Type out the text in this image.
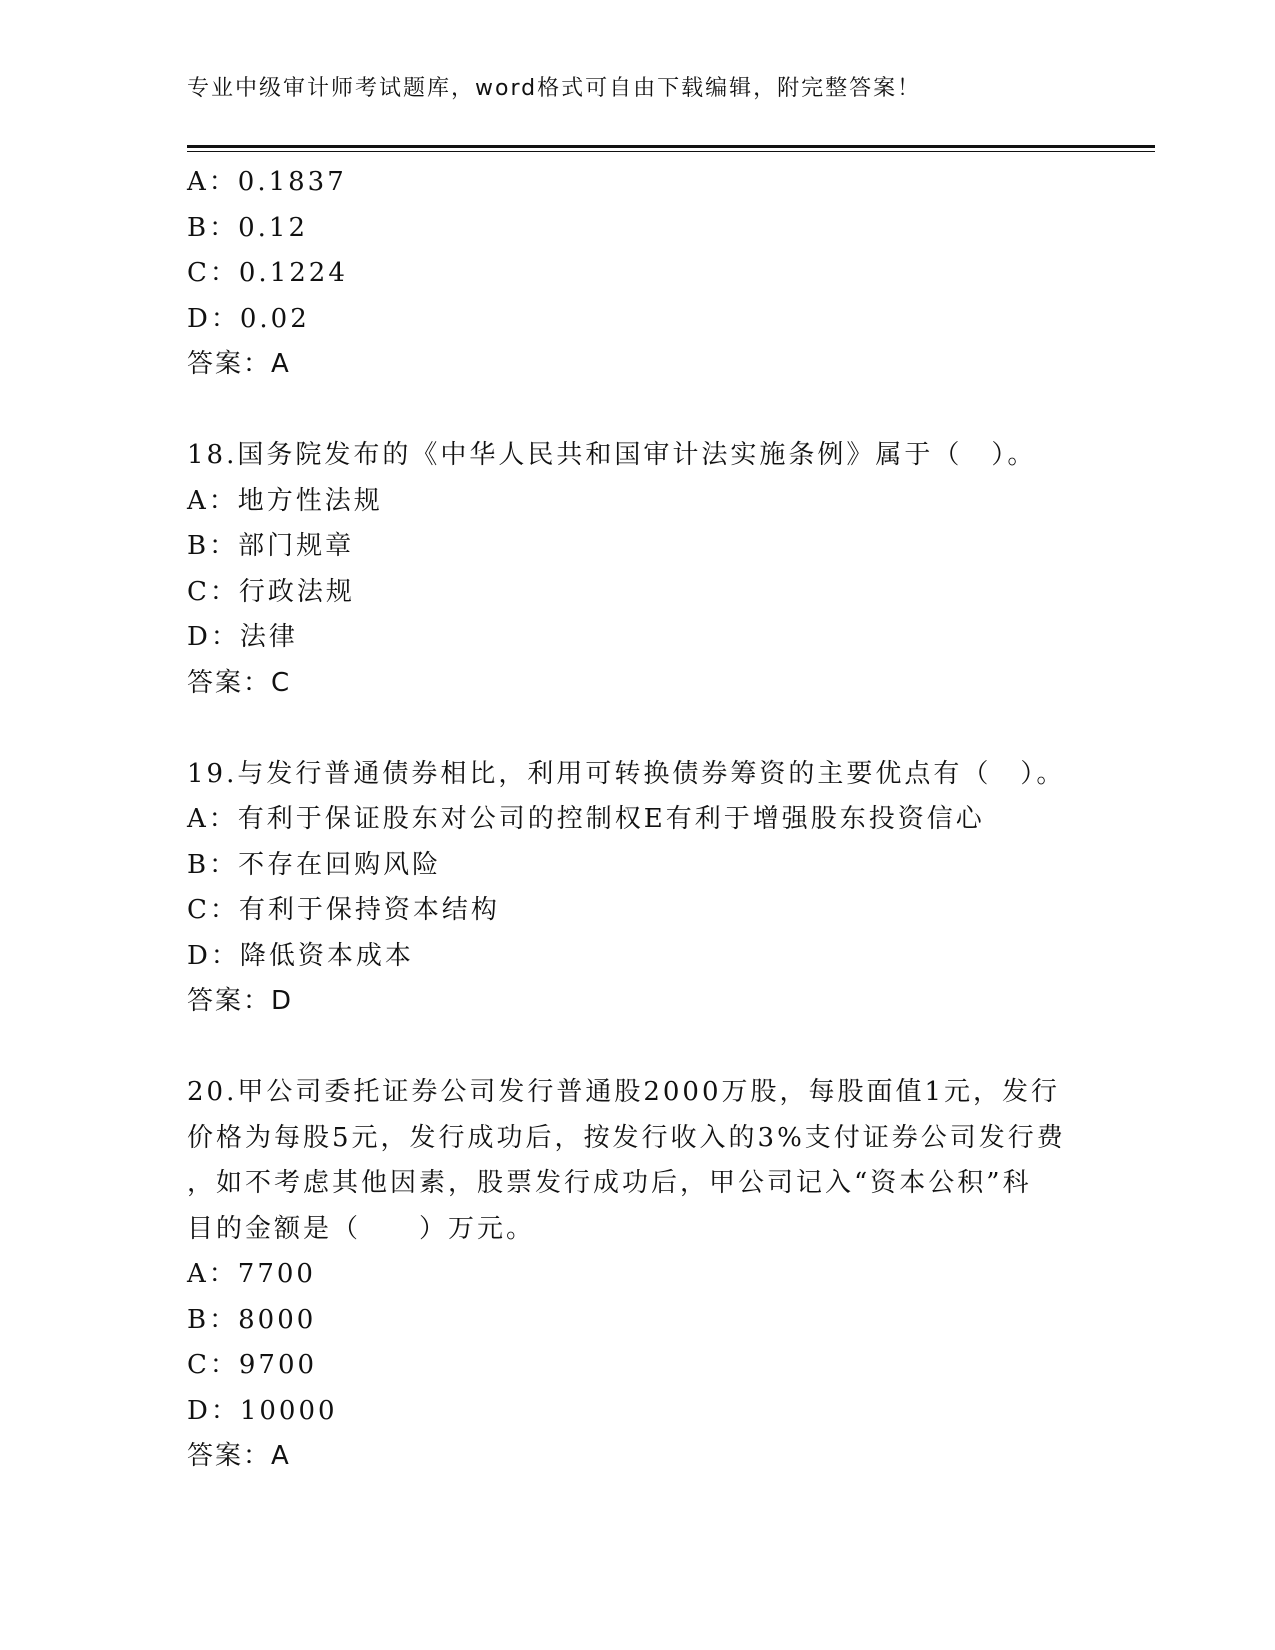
专业中级审计师考试题库，word格式可自由下载编辑，附完整答案！
A：0.1837
B：0.12
C：0.1224
D：0.02
答案：A
18.国务院发布的《中华人民共和国审计法实施条例》属于（　）。
A：地方性法规
B：部门规章
C：行政法规
D：法律
答案：C
19.与发行普通债券相比，利用可转换债券筹资的主要优点有（　）。
A：有利于保证股东对公司的控制权E有利于增强股东投资信心
B：不存在回购风险
C：有利于保持资本结构
D：降低资本成本
答案：D
20.甲公司委托证券公司发行普通股2000万股，每股面值1元，发行
价格为每股5元，发行成功后，按发行收入的3%支付证券公司发行费
，如不考虑其他因素，股票发行成功后，甲公司记入“资本公积”科
目的金额是（　　）万元。
A：7700
B：8000
C：9700
D：10000
答案：A
